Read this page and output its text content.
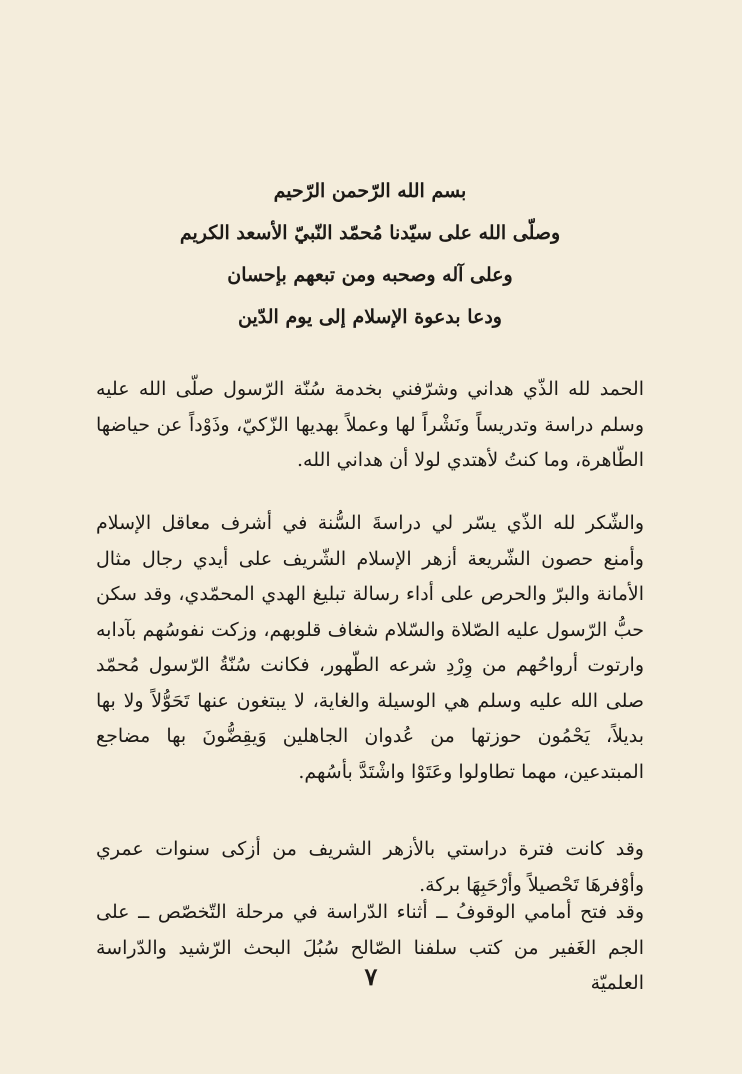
بسم الله الرّحمن الرّحيم
وصلّى الله على سيّدنا مُحمّد النّبيّ الأسعد الكريم
وعلى آله وصحبه ومن تبعهم بإحسان
ودعا بدعوة الإسلام إلى يوم الدّين

الحمد لله الذّي هداني وشرّفني بخدمة سُنّة الرّسول صلّى الله عليه وسلم دراسة وتدريساً ونَشْراً لها وعملاً بهديها الزّكيّ، وذَوْداً عن حياضها الطّاهرة، وما كنتُ لأهتدي لولا أن هداني الله.

والشّكر لله الذّي يسّر لي دراسةَ السُّنة في أشرف معاقل الإسلام وأمنع حصون الشّريعة أزهر الإسلام الشّريف على أيدي رجال مثال الأمانة والبرّ والحرص على أداء رسالة تبليغ الهدي المحمّدي، وقد سكن حبُّ الرّسول عليه الصّلاة والسّلام شغاف قلوبهم، وزكت نفوسُهم بآدابه وارتوت أرواحُهم من وِرْدِ شرعه الطّهور، فكانت سُنّةُ الرّسول مُحمّد صلى الله عليه وسلم هي الوسيلة والغاية، لا يبتغون عنها تَحَوُّلاً ولا بها بديلاً، يَحْمُون حوزتها من عُدوان الجاهلين وَيقِضُّونَ بها مضاجع المبتدعين، مهما تطاولوا وعَتَوْا واشْتَدَّ بأسُهم.

وقد كانت فترة دراستي بالأزهر الشريف من أزكى سنوات عمري وأوْفرهَا تَحْصيلاً وأرْحَبِهَا بركة.

وقد فتح أمامي الوقوفُ ــ أثناء الدّراسة في مرحلة التّخصّص ــ على الجم الغَفير من كتب سلفنا الصّالح سُبُلَ البحث الرّشيد والدّراسة العلميّة

٧
